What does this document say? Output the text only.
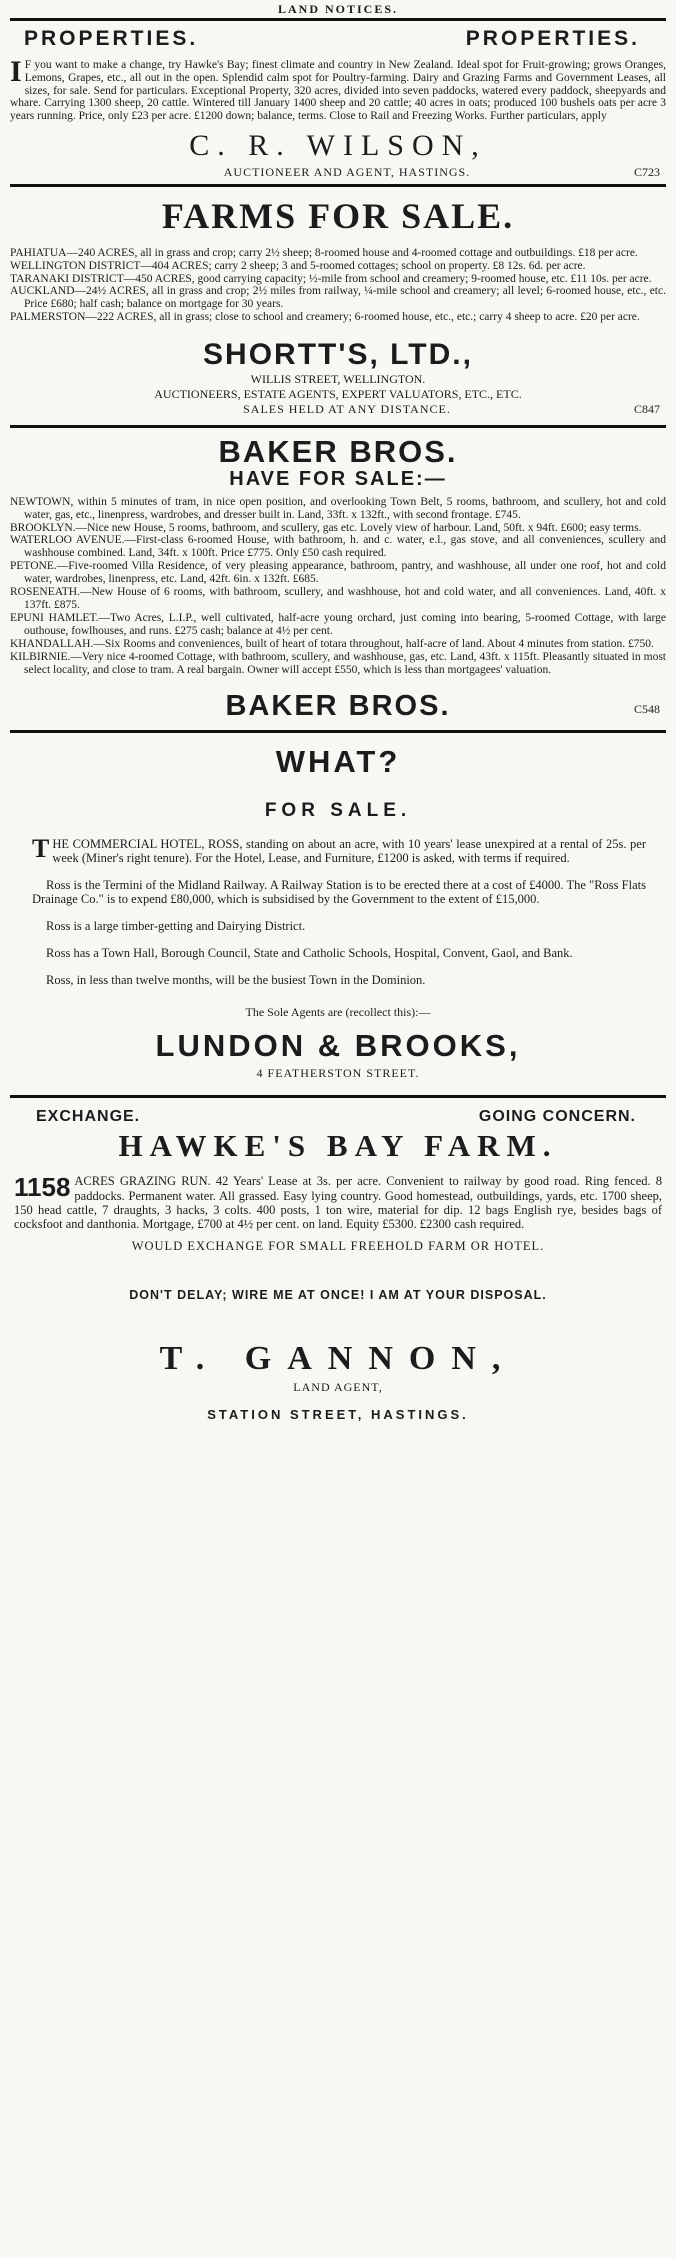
LAND NOTICES.
PROPERTIES.	PROPERTIES.
I F you want to make a change, try Hawke's Bay; finest climate and country in New Zealand. Ideal spot for Fruit-growing; grows Oranges, Lemons, Grapes, etc., all out in the open. Splendid calm spot for Poultry-farming. Dairy and Grazing Farms and Government Leases, all sizes, for sale. Send for particulars. Exceptional Property, 320 acres, divided into seven paddocks, watered every paddock, sheepyards and whare. Carrying 1300 sheep, 20 cattle. Wintered till January 1400 sheep and 20 cattle; 40 acres in oats; produced 100 bushels oats per acre 3 years running. Price, only £23 per acre. £1200 down; balance, terms. Close to Rail and Freezing Works. Further particulars, apply
C. R. WILSON,
AUCTIONEER AND AGENT, HASTINGS.	C723
FARMS FOR SALE.
PAHIATUA—240 ACRES, all in grass and crop; carry 2½ sheep; 8-roomed house and 4-roomed cottage and outbuildings. £18 per acre.
WELLINGTON DISTRICT—404 ACRES; carry 2 sheep; 3 and 5-roomed cottages; school on property. £8 12s. 6d. per acre.
TARANAKI DISTRICT—450 ACRES, good carrying capacity; ½-mile from school and creamery; 9-roomed house, etc. £11 10s. per acre.
AUCKLAND—24½ ACRES, all in grass and crop; 2½ miles from railway, ¼-mile school and creamery; all level; 6-roomed house, etc., etc. Price £680; half cash; balance on mortgage for 30 years.
PALMERSTON—222 ACRES, all in grass; close to school and creamery; 6-roomed house, etc., etc.; carry 4 sheep to acre. £20 per acre.
SHORTT'S, LTD.,
WILLIS STREET, WELLINGTON.
AUCTIONEERS, ESTATE AGENTS, EXPERT VALUATORS, ETC., ETC.
SALES HELD AT ANY DISTANCE.	C847
BAKER BROS.
HAVE FOR SALE:—
NEWTOWN, within 5 minutes of tram, in nice open position, and overlooking Town Belt, 5 rooms, bathroom, and scullery, hot and cold water, gas, etc., linenpress, wardrobes, and dresser built in. Land, 33ft. x 132ft., with second frontage. £745.
BROOKLYN.—Nice new House, 5 rooms, bathroom, and scullery, gas etc. Lovely view of harbour. Land, 50ft. x 94ft. £600; easy terms.
WATERLOO AVENUE.—First-class 6-roomed House, with bathroom, h. and c. water, e.l., gas stove, and all conveniences, scullery and washhouse combined. Land, 34ft. x 100ft. Price £775. Only £50 cash required.
PETONE.—Five-roomed Villa Residence, of very pleasing appearance, bathroom, pantry, and washhouse, all under one roof, hot and cold water, wardrobes, linenpress, etc. Land, 42ft. 6in. x 132ft. £685.
ROSENEATH.—New House of 6 rooms, with bathroom, scullery, and washhouse, hot and cold water, and all conveniences. Land, 40ft. x 137ft. £875.
EPUNI HAMLET.—Two Acres, L.I.P., well cultivated, half-acre young orchard, just coming into bearing, 5-roomed Cottage, with large outhouse, fowlhouses, and runs. £275 cash; balance at 4½ per cent.
KHANDALLAH.—Six Rooms and conveniences, built of heart of totara throughout, half-acre of land. About 4 minutes from station. £750.
KILBIRNIE.—Very nice 4-roomed Cottage, with bathroom, scullery, and washhouse, gas, etc. Land, 43ft. x 115ft. Pleasantly situated in most select locality, and close to tram. A real bargain. Owner will accept £550, which is less than mortgagees' valuation.
BAKER BROS.	C548
WHAT?
FOR SALE.

THE COMMERCIAL HOTEL, ROSS, standing on about an acre, with 10 years' lease unexpired at a rental of 25s. per week (Miner's right tenure). For the Hotel, Lease, and Furniture, £1200 is asked, with terms if required.

Ross is the Termini of the Midland Railway. A Railway Station is to be erected there at a cost of £4000. The "Ross Flats Drainage Co." is to expend £80,000, which is subsidised by the Government to the extent of £15,000.

Ross is a large timber-getting and Dairying District.

Ross has a Town Hall, Borough Council, State and Catholic Schools, Hospital, Convent, Gaol, and Bank.

Ross, in less than twelve months, will be the busiest Town in the Dominion.

The Sole Agents are (recollect this):—
LUNDON & BROOKS,
4 FEATHERSTON STREET.
EXCHANGE.	GOING CONCERN.
HAWKE'S BAY FARM.
1158 ACRES GRAZING RUN. 42 Years' Lease at 3s. per acre. Convenient to railway by good road. Ring fenced. 8 paddocks. Permanent water. All grassed. Easy lying country. Good homestead, outbuildings, yards, etc. 1700 sheep, 150 head cattle, 7 draughts, 3 hacks, 3 colts. 400 posts, 1 ton wire, material for dip. 12 bags English rye, besides bags of cocksfoot and danthonia. Mortgage, £700 at 4½ per cent. on land. Equity £5300. £2300 cash required.
WOULD EXCHANGE FOR SMALL FREEHOLD FARM OR HOTEL.
DON'T DELAY; WIRE ME AT ONCE! I AM AT YOUR DISPOSAL.
T. GANNON,
LAND AGENT,
STATION STREET, HASTINGS.
